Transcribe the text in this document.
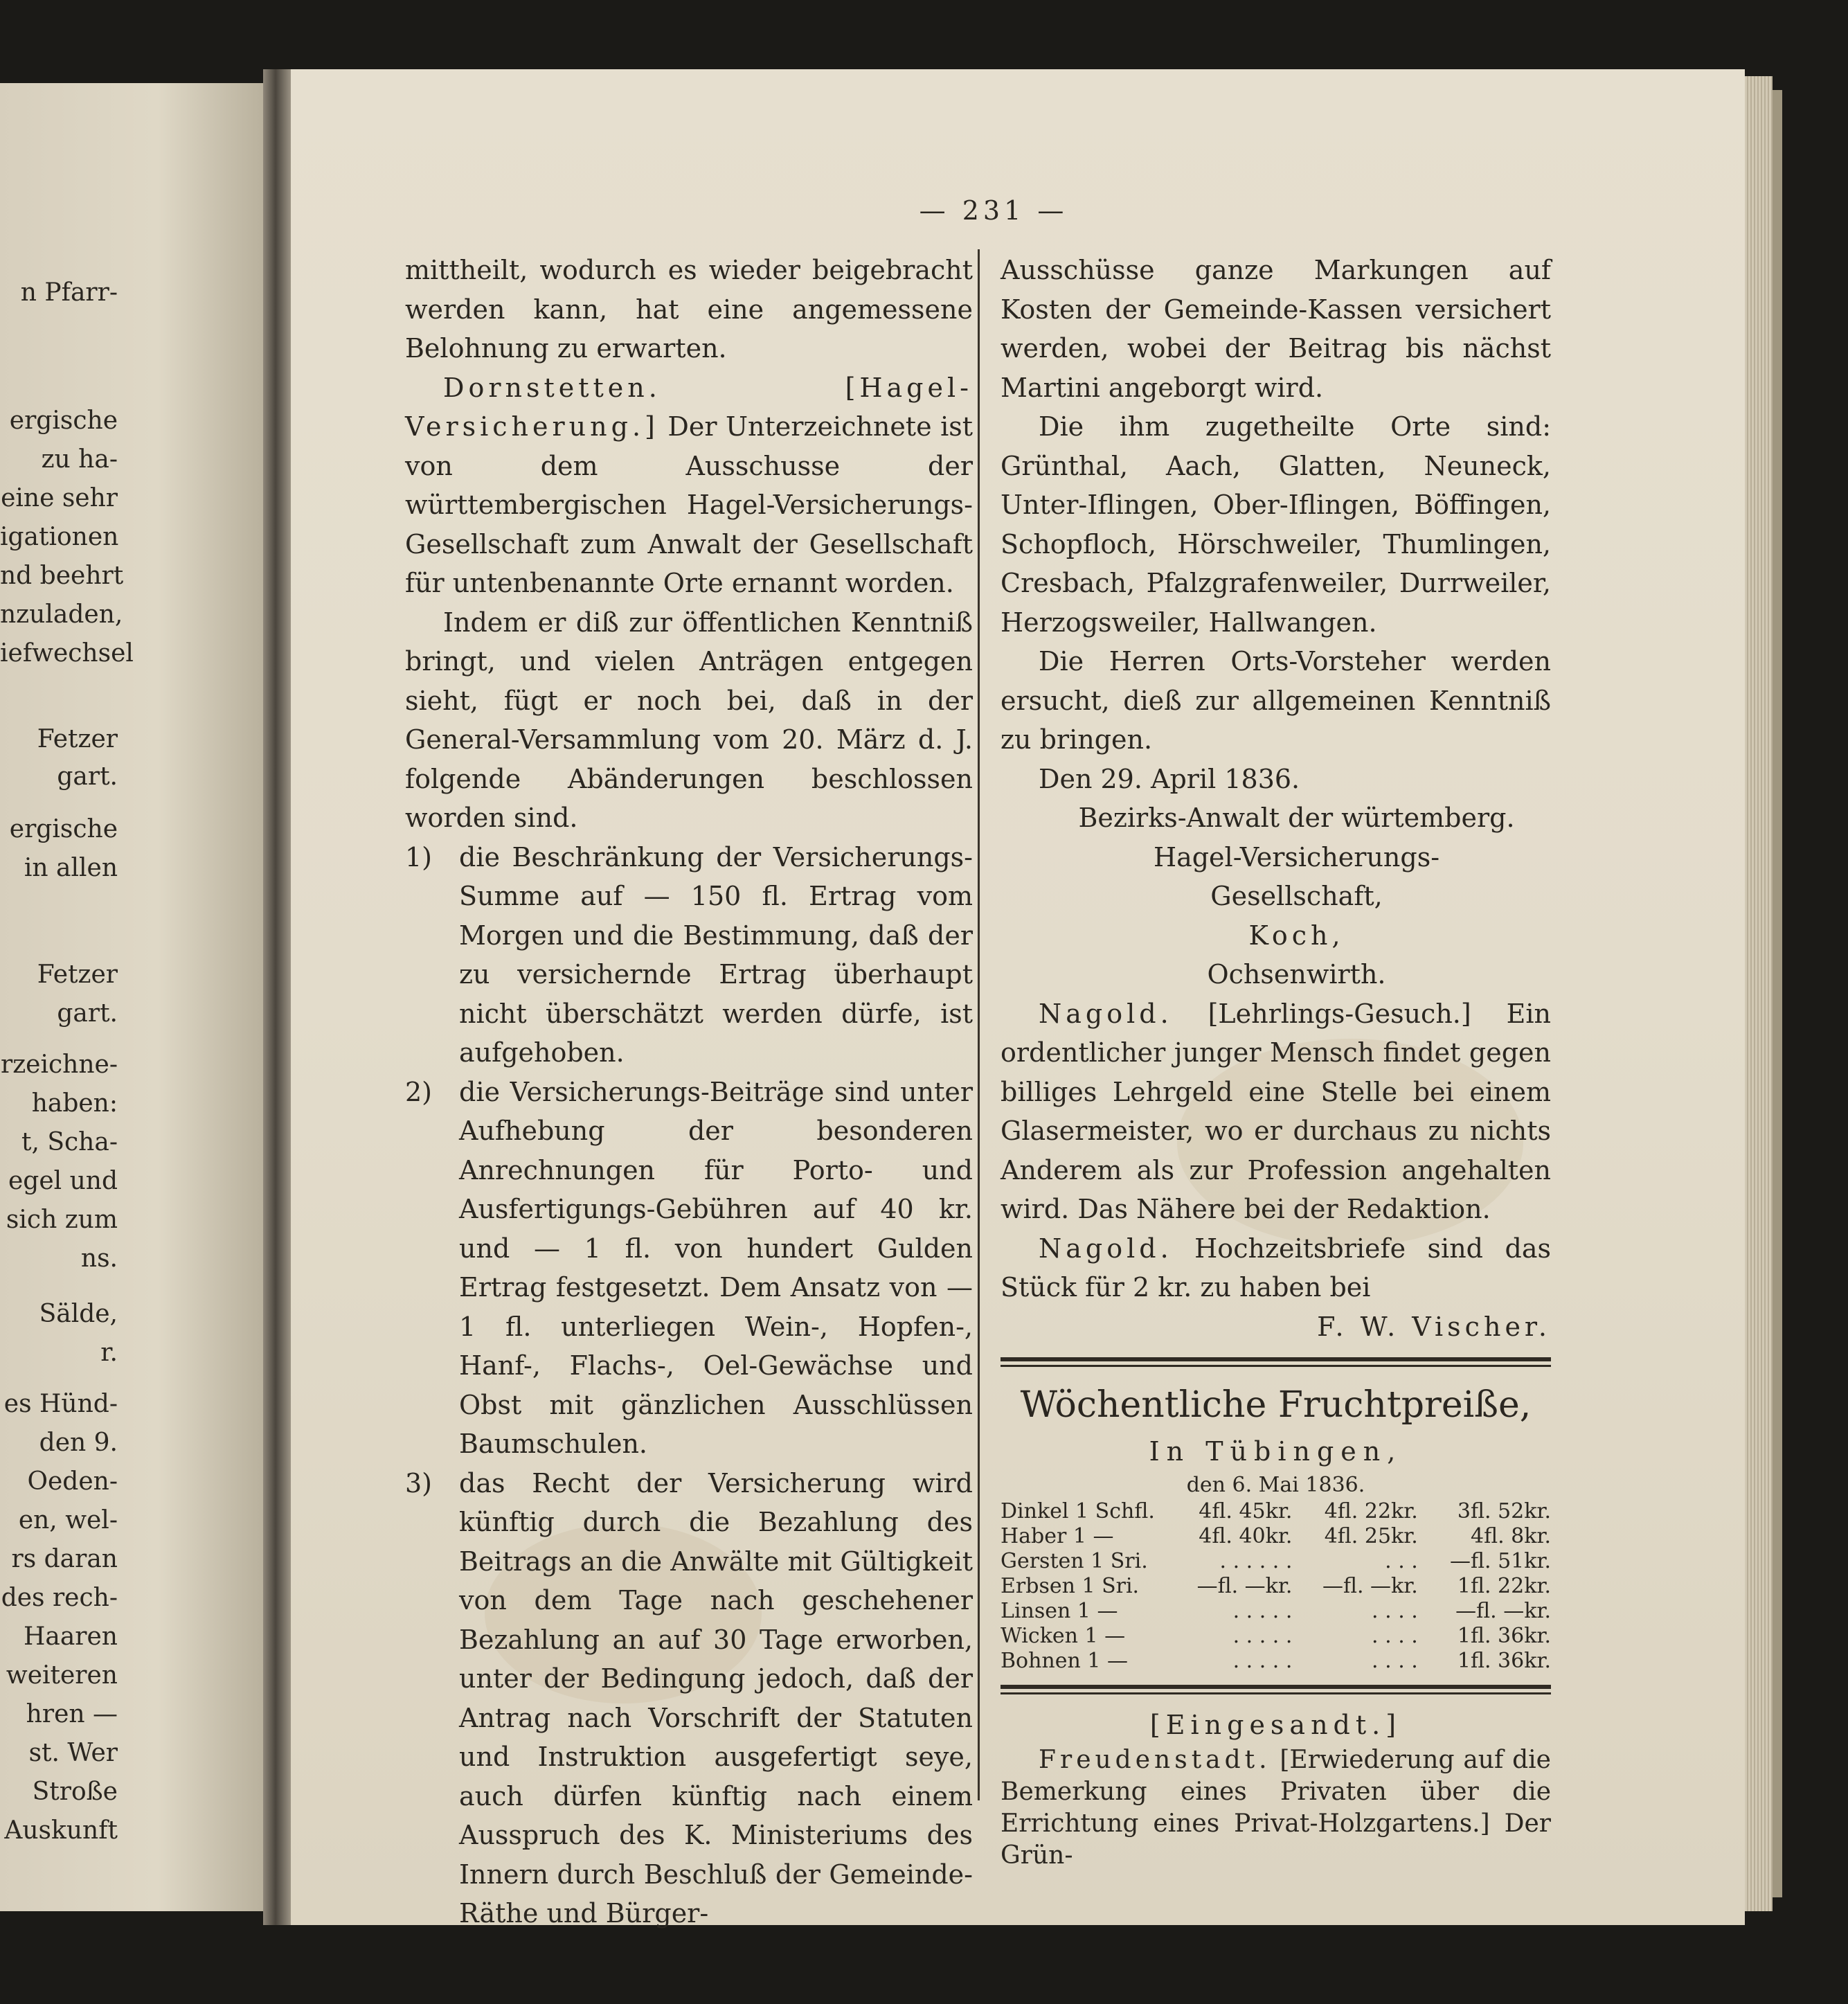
n Pfarr-
ergische
zu ha-
eine sehr
igationen
nd beehrt
nzuladen,
iefwechsel
Fetzer
gart.
ergische
in allen
Fetzer
gart.
rzeichne-
haben:
t, Scha-
egel und
sich zum
ns.
Sälde,
r.
es Hünd-
den 9.
Oeden-
en, wel-
rs daran
des rech-
Haaren
weiteren
hren —
st. Wer
Stroße
Auskunft
— 231 —

mittheilt, wodurch es wieder beigebracht werden kann, hat eine angemessene Belohnung zu erwarten.

Dornstetten.	[Hagel-Versicherung.] Der Unterzeichnete ist von dem Ausschusse der württembergischen Hagel-Versicherungs-Gesellschaft zum Anwalt der Gesellschaft für untenbenannte Orte ernannt worden.

Indem er diß zur öffentlichen Kenntniß bringt, und vielen Anträgen entgegen sieht, fügt er noch bei, daß in der General-Versammlung vom 20. März d. J. folgende Abänderungen beschlossen worden sind.

1)	die Beschränkung der Versicherungs-Summe auf — 150 fl. Ertrag vom Morgen und die Bestimmung, daß der zu versichernde Ertrag überhaupt nicht überschätzt werden dürfe, ist aufgehoben.
2)	die Versicherungs-Beiträge sind unter Aufhebung der besonderen Anrechnungen für Porto- und Ausfertigungs-Gebühren auf 40 kr. und — 1 fl. von hundert Gulden Ertrag festgesetzt. Dem Ansatz von — 1 fl. unterliegen Wein-, Hopfen-, Hanf-, Flachs-, Oel-Gewächse und Obst mit gänzlichen Ausschlüssen Baumschulen.
3)	das Recht der Versicherung wird künftig durch die Bezahlung des Beitrags an die Anwälte mit Gültigkeit von dem Tage nach geschehener Bezahlung an auf 30 Tage erworben, unter der Bedingung jedoch, daß der Antrag nach Vorschrift der Statuten und Instruktion ausgefertigt seye, auch dürfen künftig nach einem Ausspruch des K. Ministeriums des Innern durch Beschluß der Gemeinde-Räthe und Bürger-

Ausschüsse ganze Markungen auf Kosten der Gemeinde-Kassen versichert werden, wobei der Beitrag bis nächst Martini angeborgt wird.

Die ihm zugetheilte Orte sind: Grünthal, Aach, Glatten, Neuneck, Unter-Iflingen, Ober-Iflingen, Böffingen, Schopfloch, Hörschweiler, Thumlingen, Cresbach, Pfalzgrafenweiler, Durrweiler, Herzogsweiler, Hallwangen.

Die Herren Orts-Vorsteher werden ersucht, dieß zur allgemeinen Kenntniß zu bringen.

Den 29. April 1836.

Bezirks-Anwalt der würtemberg.

Hagel-Versicherungs-

Gesellschaft,

Koch,

Ochsenwirth.

Nagold. [Lehrlings-Gesuch.] Ein ordentlicher junger Mensch findet gegen billiges Lehrgeld eine Stelle bei einem Glasermeister, wo er durchaus zu nichts Anderem als zur Profession angehalten wird. Das Nähere bei der Redaktion.

Nagold. Hochzeitsbriefe sind das Stück für 2 kr. zu haben bei

F. W. Vischer.

Wöchentliche Fruchtpreiße,
In Tübingen,
den 6. Mai 1836.
Dinkel 1 Schfl.	4fl. 45kr.	4fl. 22kr.	3fl. 52kr.
Haber 1 —	4fl. 40kr.	4fl. 25kr.	4fl. 8kr.
Gersten 1 Sri.	. . . . . .	. . .	—fl. 51kr.
Erbsen 1 Sri.	—fl. —kr.	—fl. —kr.	1fl. 22kr.
Linsen 1 —	. . . . .	. . . .	—fl. —kr.
Wicken 1 —	. . . . .	. . . .	1fl. 36kr.
Bohnen 1 —	. . . . .	. . . .	1fl. 36kr.
[Eingesandt.]

Freudenstadt. [Erwiederung auf die Bemerkung eines Privaten über die Errichtung eines Privat-Holzgartens.] Der Grün-
